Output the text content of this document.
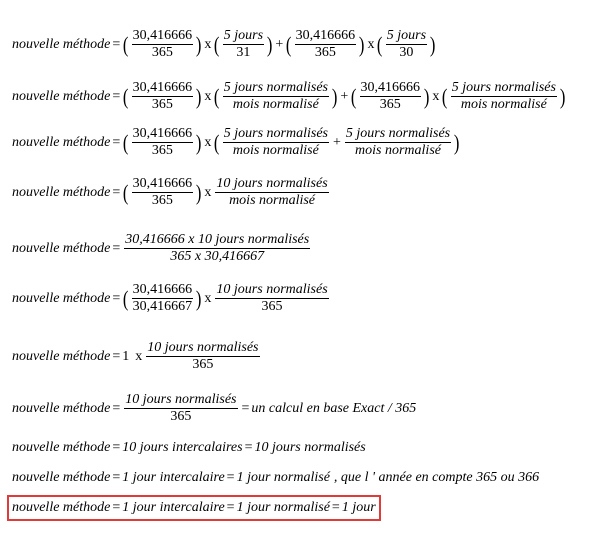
nouvelle méthode = ( $\frac{30,416666}{365}$ ) x ( $\frac{\text{5 jours}}{31}$ ) + ( $\frac{30,416666}{365}$ ) x ( $\frac{\text{5 jours}}{30}$ )
nouvelle méthode = ( $\frac{30,416666}{365}$ ) x ( $\frac{\text{5 jours normalisés}}{\text{mois normalisé}}$ ) + ( $\frac{30,416666}{365}$ ) x ( $\frac{\text{5 jours normalisés}}{\text{mois normalisé}}$ )
nouvelle méthode = ( $\frac{30,416666}{365}$ ) x ( $\frac{\text{5 jours normalisés}}{\text{mois normalisé}} + \frac{\text{5 jours normalisés}}{\text{mois normalisé}}$ )
nouvelle méthode = ( $\frac{30,416666}{365}$ ) x $\frac{\text{10 jours normalisés}}{\text{mois normalisé}}$
nouvelle méthode = $\frac{\text{30,416666 x 10 jours normalisés}}{365 x 30,416667}$
nouvelle méthode = ( $\frac{30,416666}{30,416667}$ ) x $\frac{\text{10 jours normalisés}}{365}$
nouvelle méthode = 1 x $\frac{\text{10 jours normalisés}}{365}$
nouvelle méthode = $\frac{\text{10 jours normalisés}}{365}$ = un calcul en base Exact / 365
nouvelle méthode = 10 jours intercalaires = 10 jours normalisés
nouvelle méthode = 1 jour intercalaire = 1 jour normalisé , que l ' année en compte 365 ou 366
nouvelle méthode = 1 jour intercalaire = 1 jour normalisé = 1 jour
